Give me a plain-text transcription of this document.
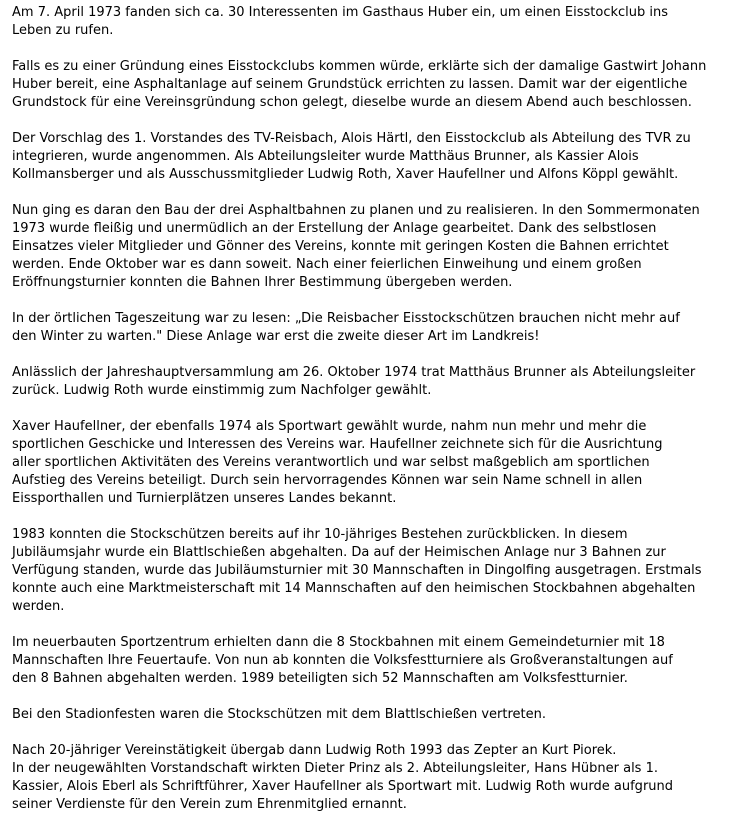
Am 7. April 1973 fanden sich ca. 30 Interessenten im Gasthaus Huber ein, um einen Eisstockclub ins
Leben zu rufen.

Falls es zu einer Gründung eines Eisstockclubs kommen würde, erklärte sich der damalige Gastwirt Johann
Huber bereit, eine Asphaltanlage auf seinem Grundstück errichten zu lassen. Damit war der eigentliche
Grundstock für eine Vereinsgründung schon gelegt, dieselbe wurde an diesem Abend auch beschlossen.

Der Vorschlag des 1. Vorstandes des TV-Reisbach, Alois Härtl, den Eisstockclub als Abteilung des TVR zu
integrieren, wurde angenommen. Als Abteilungsleiter wurde Matthäus Brunner, als Kassier Alois
Kollmansberger und als Ausschussmitglieder Ludwig Roth, Xaver Haufellner und Alfons Köppl gewählt.

Nun ging es daran den Bau der drei Asphaltbahnen zu planen und zu realisieren. In den Sommermonaten
1973 wurde fleißig und unermüdlich an der Erstellung der Anlage gearbeitet. Dank des selbstlosen
Einsatzes vieler Mitglieder und Gönner des Vereins, konnte mit geringen Kosten die Bahnen errichtet
werden. Ende Oktober war es dann soweit. Nach einer feierlichen Einweihung und einem großen
Eröffnungsturnier konnten die Bahnen Ihrer Bestimmung übergeben werden.

In der örtlichen Tageszeitung war zu lesen: „Die Reisbacher Eisstockschützen brauchen nicht mehr auf
den Winter zu warten." Diese Anlage war erst die zweite dieser Art im Landkreis!

Anlässlich der Jahreshauptversammlung am 26. Oktober 1974 trat Matthäus Brunner als Abteilungsleiter
zurück. Ludwig Roth wurde einstimmig zum Nachfolger gewählt.

Xaver Haufellner, der ebenfalls 1974 als Sportwart gewählt wurde, nahm nun mehr und mehr die
sportlichen Geschicke und Interessen des Vereins war. Haufellner zeichnete sich für die Ausrichtung
aller sportlichen Aktivitäten des Vereins verantwortlich und war selbst maßgeblich am sportlichen
Aufstieg des Vereins beteiligt. Durch sein hervorragendes Können war sein Name schnell in allen
Eissporthallen und Turnierplätzen unseres Landes bekannt.

1983 konnten die Stockschützen bereits auf ihr 10-jähriges Bestehen zurückblicken. In diesem
Jubiläumsjahr wurde ein Blattlschießen abgehalten. Da auf der Heimischen Anlage nur 3 Bahnen zur
Verfügung standen, wurde das Jubiläumsturnier mit 30 Mannschaften in Dingolfing ausgetragen. Erstmals
konnte auch eine Marktmeisterschaft mit 14 Mannschaften auf den heimischen Stockbahnen abgehalten
werden.

Im neuerbauten Sportzentrum erhielten dann die 8 Stockbahnen mit einem Gemeindeturnier mit 18
Mannschaften Ihre Feuertaufe. Von nun ab konnten die Volksfestturniere als Großveranstaltungen auf
den 8 Bahnen abgehalten werden. 1989 beteiligten sich 52 Mannschaften am Volksfestturnier.

Bei den Stadionfesten waren die Stockschützen mit dem Blattlschießen vertreten.

Nach 20-jähriger Vereinstätigkeit übergab dann Ludwig Roth 1993 das Zepter an Kurt Piorek.
In der neugewählten Vorstandschaft wirkten Dieter Prinz als 2. Abteilungsleiter, Hans Hübner als 1.
Kassier, Alois Eberl als Schriftführer, Xaver Haufellner als Sportwart mit. Ludwig Roth wurde aufgrund
seiner Verdienste für den Verein zum Ehrenmitglied ernannt.
